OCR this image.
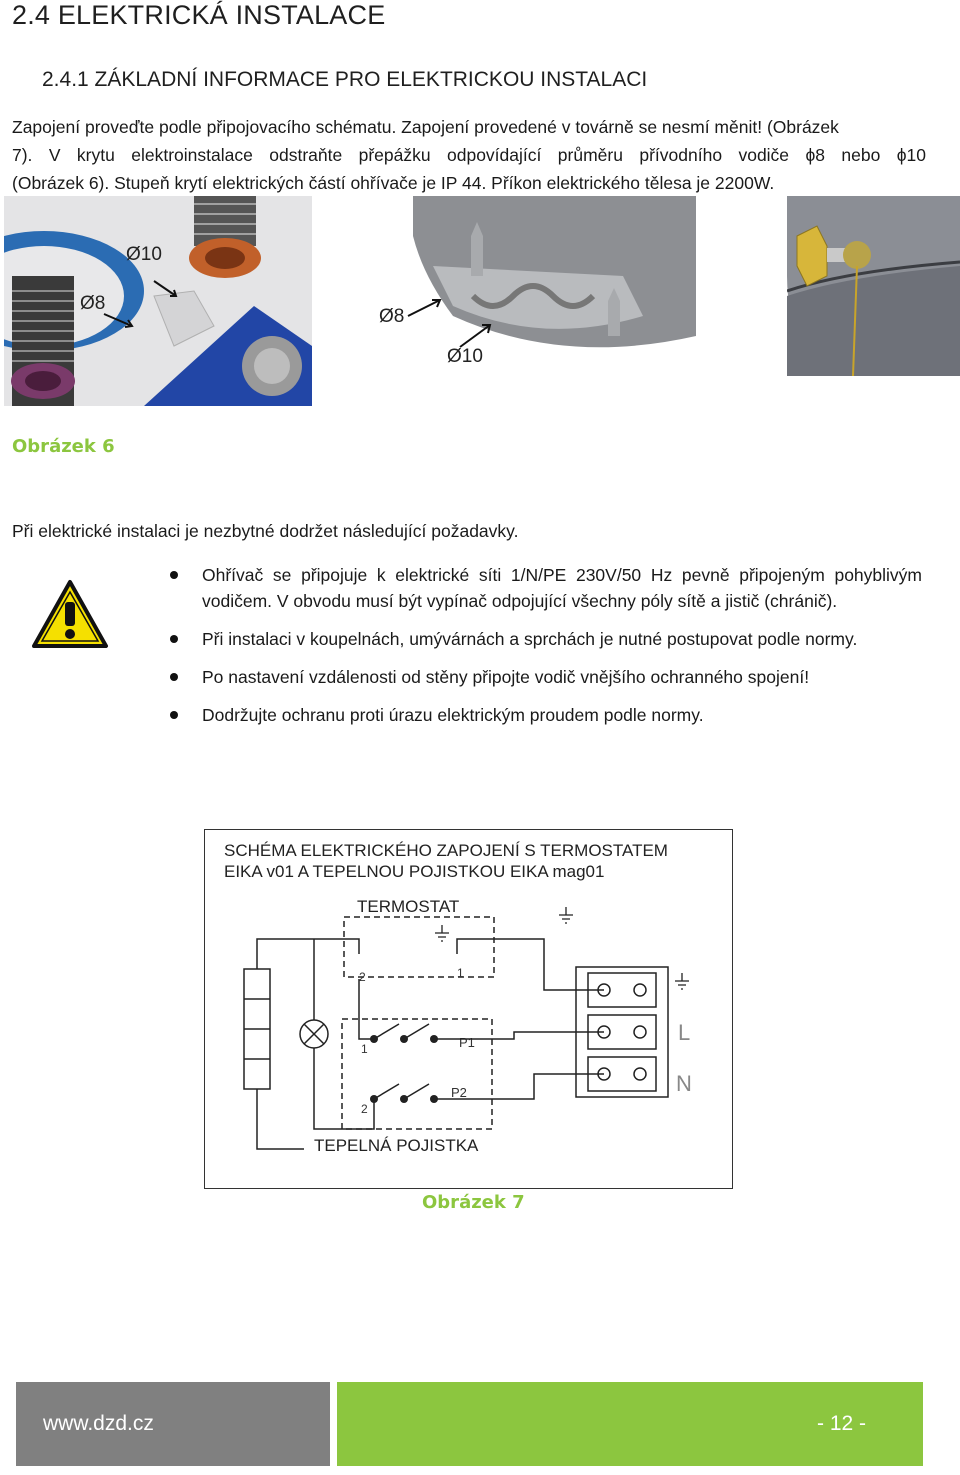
2.4 ELEKTRICKÁ INSTALACE
2.4.1 ZÁKLADNÍ INFORMACE PRO ELEKTRICKOU INSTALACI
Zapojení proveďte podle připojovacího schématu. Zapojení provedené v továrně se nesmí měnit! (Obrázek
7). V krytu elektroinstalace odstraňte přepážku odpovídající průměru přívodního vodiče ϕ8 nebo ϕ10
(Obrázek 6). Stupeň krytí elektrických částí ohřívače je IP 44. Příkon elektrického tělesa je 2200W.
Ø10
Ø8
Ø8
Ø10
Obrázek 6
Při elektrické instalaci je nezbytné dodržet následující požadavky.
Ohřívač se připojuje k elektrické síti 1/N/PE 230V/50 Hz pevně připojeným pohyblivým vodičem. V obvodu musí být vypínač odpojující všechny póly sítě a jistič (chránič).
Při instalaci v koupelnách, umývárnách a sprchách je nutné postupovat podle normy.
Po nastavení vzdálenosti od stěny připojte vodič vnějšího ochranného spojení!
Dodržujte ochranu proti úrazu elektrickým proudem podle normy.
SCHÉMA ELEKTRICKÉHO ZAPOJENÍ S TERMOSTATEM
EIKA v01 A TEPELNOU POJISTKOU EIKA mag01
TERMOSTAT
2	1
L
N
1	P1
2
P2
TEPELNÁ POJISTKA
Obrázek 7
www.dzd.cz	- 12 -
